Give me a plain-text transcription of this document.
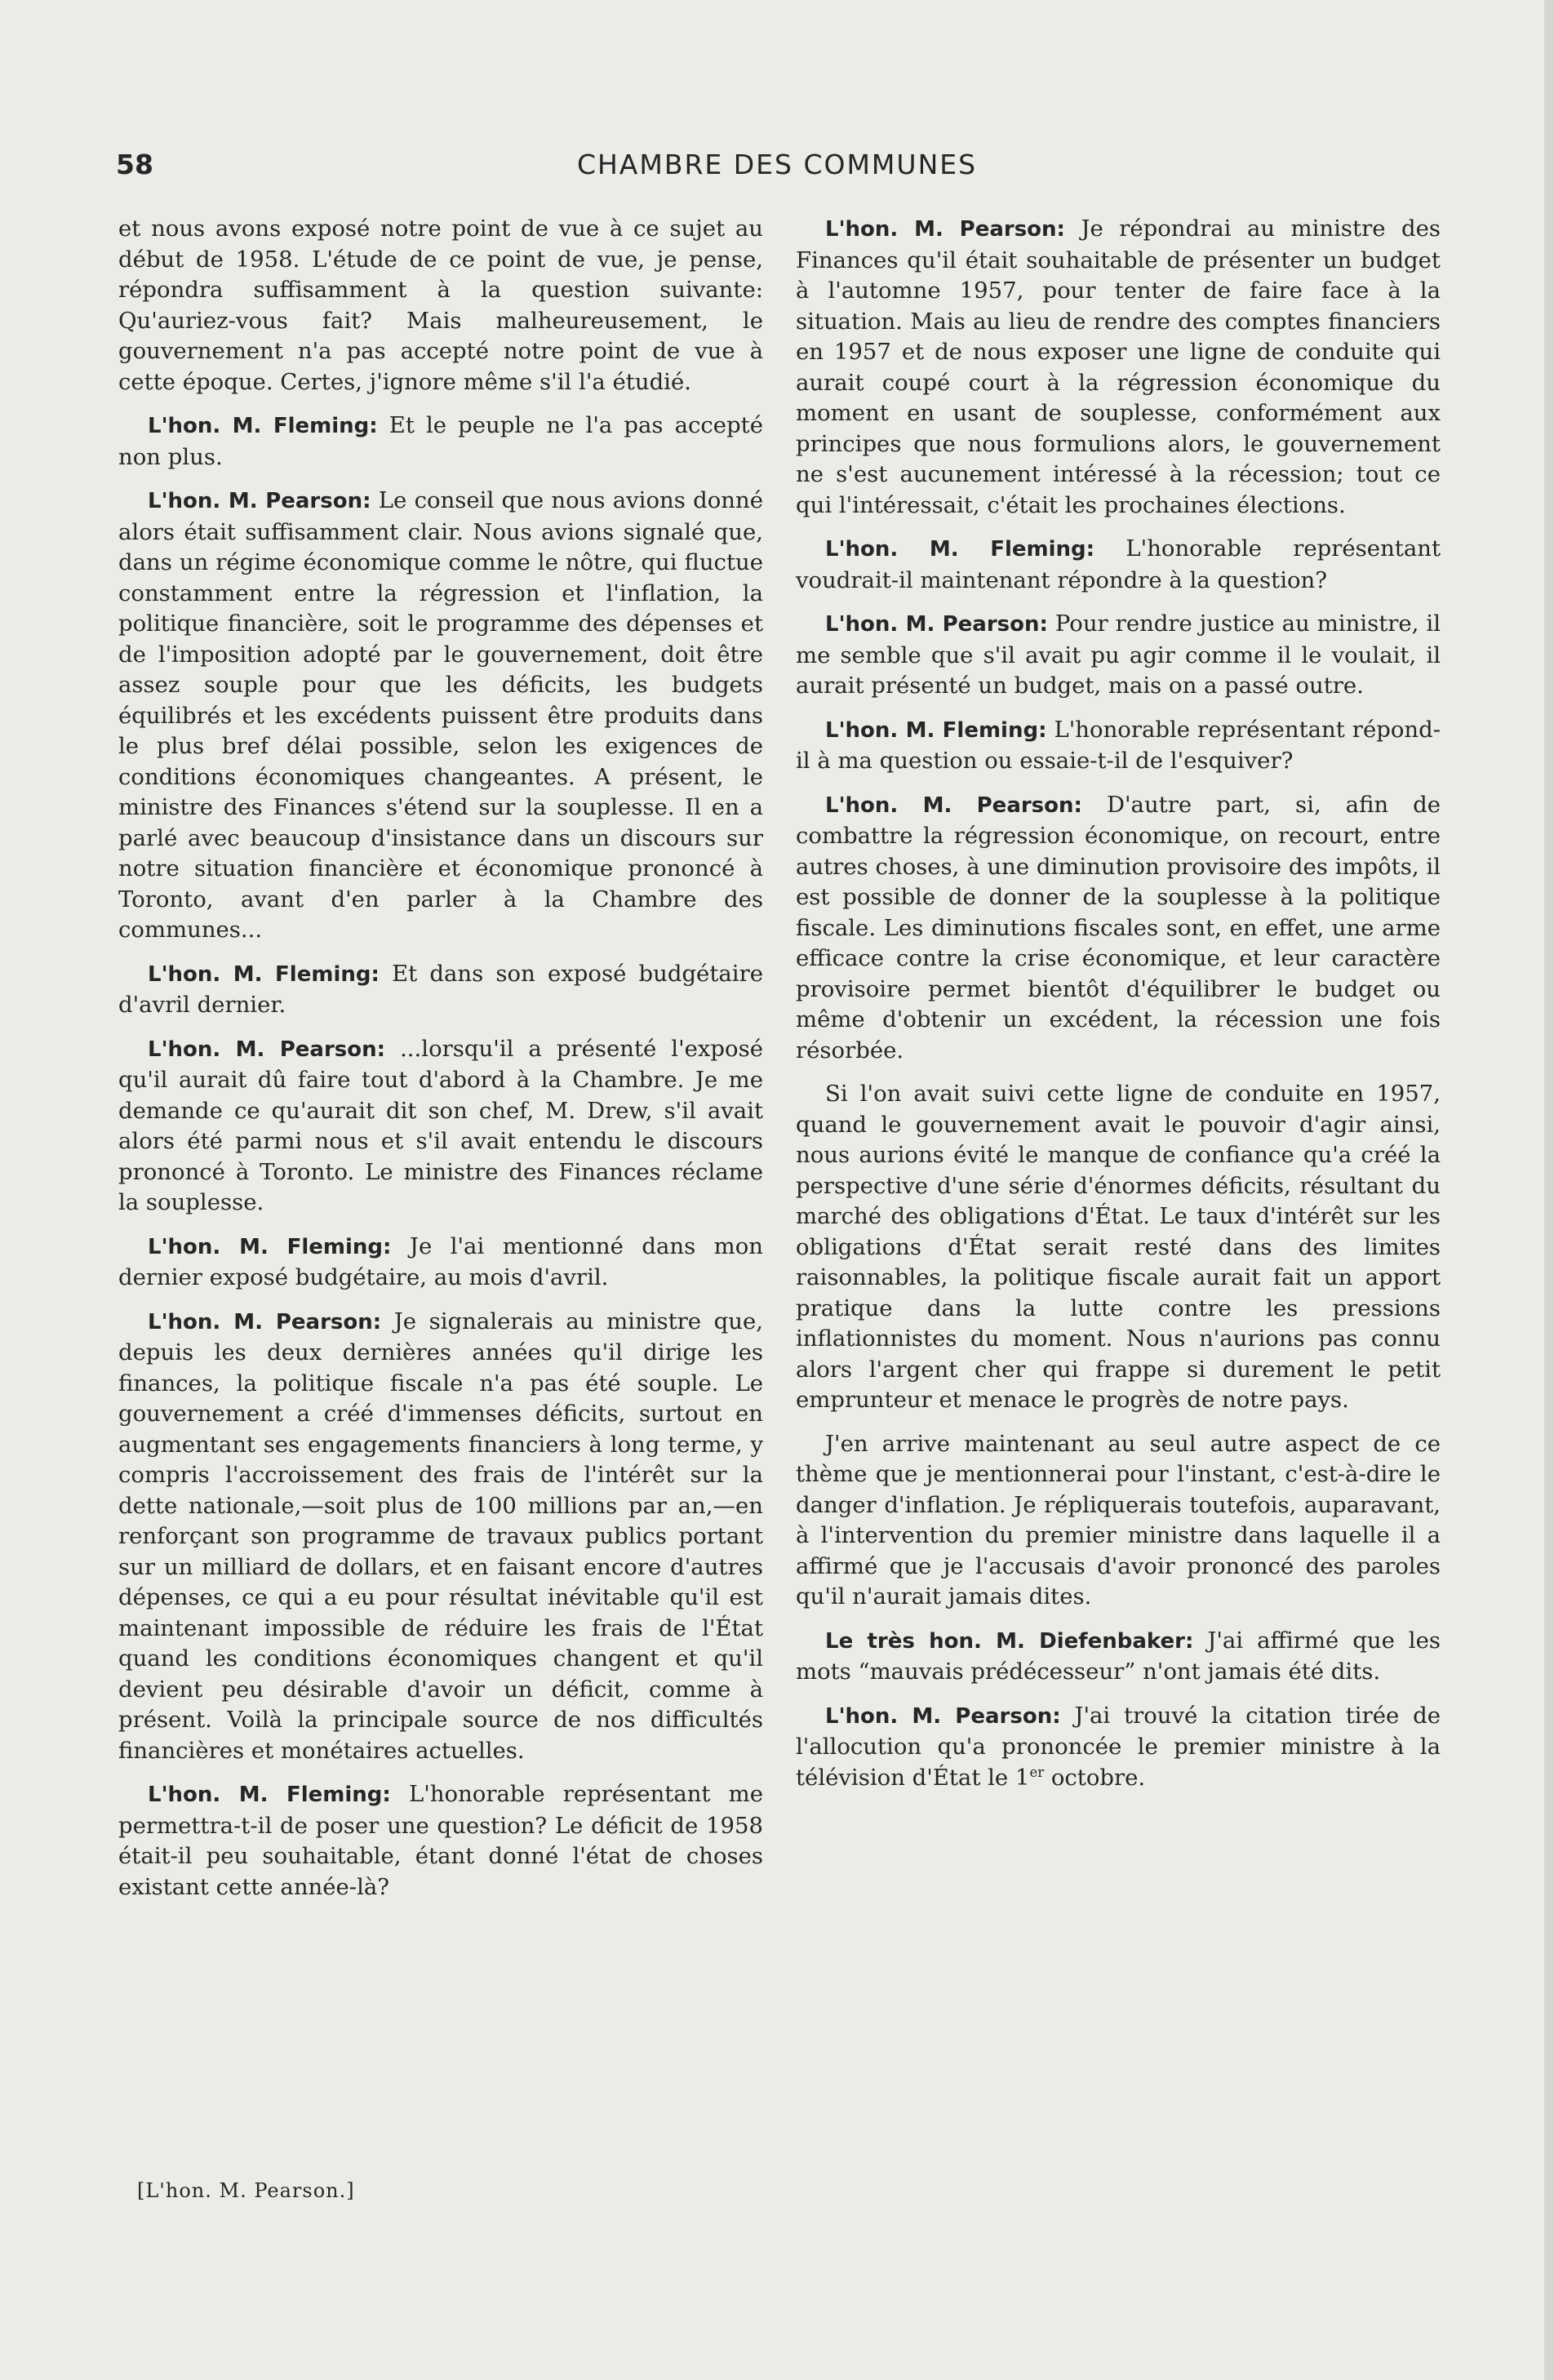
58	CHAMBRE DES COMMUNES

et nous avons exposé notre point de vue à ce sujet au début de 1958. L'étude de ce point de vue, je pense, répondra suffisamment à la question suivante: Qu'auriez-vous fait? Mais malheureusement, le gouvernement n'a pas accepté notre point de vue à cette époque. Certes, j'ignore même s'il l'a étudié.

L'hon. M. Fleming: Et le peuple ne l'a pas accepté non plus.

L'hon. M. Pearson: Le conseil que nous avions donné alors était suffisamment clair. Nous avions signalé que, dans un régime économique comme le nôtre, qui fluctue constamment entre la régression et l'inflation, la politique financière, soit le programme des dépenses et de l'imposition adopté par le gouvernement, doit être assez souple pour que les déficits, les budgets équilibrés et les excédents puissent être produits dans le plus bref délai possible, selon les exigences de conditions économiques changeantes. A présent, le ministre des Finances s'étend sur la souplesse. Il en a parlé avec beaucoup d'insistance dans un discours sur notre situation financière et économique prononcé à Toronto, avant d'en parler à la Chambre des communes...

L'hon. M. Fleming: Et dans son exposé budgétaire d'avril dernier.

L'hon. M. Pearson: ...lorsqu'il a présenté l'exposé qu'il aurait dû faire tout d'abord à la Chambre. Je me demande ce qu'aurait dit son chef, M. Drew, s'il avait alors été parmi nous et s'il avait entendu le discours prononcé à Toronto. Le ministre des Finances réclame la souplesse.

L'hon. M. Fleming: Je l'ai mentionné dans mon dernier exposé budgétaire, au mois d'avril.

L'hon. M. Pearson: Je signalerais au ministre que, depuis les deux dernières années qu'il dirige les finances, la politique fiscale n'a pas été souple. Le gouvernement a créé d'immenses déficits, surtout en augmentant ses engagements financiers à long terme, y compris l'accroissement des frais de l'intérêt sur la dette nationale,—soit plus de 100 millions par an,—en renforçant son programme de travaux publics portant sur un milliard de dollars, et en faisant encore d'autres dépenses, ce qui a eu pour résultat inévitable qu'il est maintenant impossible de réduire les frais de l'État quand les conditions économiques changent et qu'il devient peu désirable d'avoir un déficit, comme à présent. Voilà la principale source de nos difficultés financières et monétaires actuelles.

L'hon. M. Fleming: L'honorable représentant me permettra-t-il de poser une question? Le déficit de 1958 était-il peu souhaitable, étant donné l'état de choses existant cette année-là?

L'hon. M. Pearson: Je répondrai au ministre des Finances qu'il était souhaitable de présenter un budget à l'automne 1957, pour tenter de faire face à la situation. Mais au lieu de rendre des comptes financiers en 1957 et de nous exposer une ligne de conduite qui aurait coupé court à la régression économique du moment en usant de souplesse, conformément aux principes que nous formulions alors, le gouvernement ne s'est aucunement intéressé à la récession; tout ce qui l'intéressait, c'était les prochaines élections.

L'hon. M. Fleming: L'honorable représentant voudrait-il maintenant répondre à la question?

L'hon. M. Pearson: Pour rendre justice au ministre, il me semble que s'il avait pu agir comme il le voulait, il aurait présenté un budget, mais on a passé outre.

L'hon. M. Fleming: L'honorable représentant répond-il à ma question ou essaie-t-il de l'esquiver?

L'hon. M. Pearson: D'autre part, si, afin de combattre la régression économique, on recourt, entre autres choses, à une diminution provisoire des impôts, il est possible de donner de la souplesse à la politique fiscale. Les diminutions fiscales sont, en effet, une arme efficace contre la crise économique, et leur caractère provisoire permet bientôt d'équilibrer le budget ou même d'obtenir un excédent, la récession une fois résorbée.

Si l'on avait suivi cette ligne de conduite en 1957, quand le gouvernement avait le pouvoir d'agir ainsi, nous aurions évité le manque de confiance qu'a créé la perspective d'une série d'énormes déficits, résultant du marché des obligations d'État. Le taux d'intérêt sur les obligations d'État serait resté dans des limites raisonnables, la politique fiscale aurait fait un apport pratique dans la lutte contre les pressions inflationnistes du moment. Nous n'aurions pas connu alors l'argent cher qui frappe si durement le petit emprunteur et menace le progrès de notre pays.

J'en arrive maintenant au seul autre aspect de ce thème que je mentionnerai pour l'instant, c'est-à-dire le danger d'inflation. Je répliquerais toutefois, auparavant, à l'intervention du premier ministre dans laquelle il a affirmé que je l'accusais d'avoir prononcé des paroles qu'il n'aurait jamais dites.

Le très hon. M. Diefenbaker: J'ai affirmé que les mots “mauvais prédécesseur” n'ont jamais été dits.

L'hon. M. Pearson: J'ai trouvé la citation tirée de l'allocution qu'a prononcée le premier ministre à la télévision d'État le 1er octobre.

[L'hon. M. Pearson.]
